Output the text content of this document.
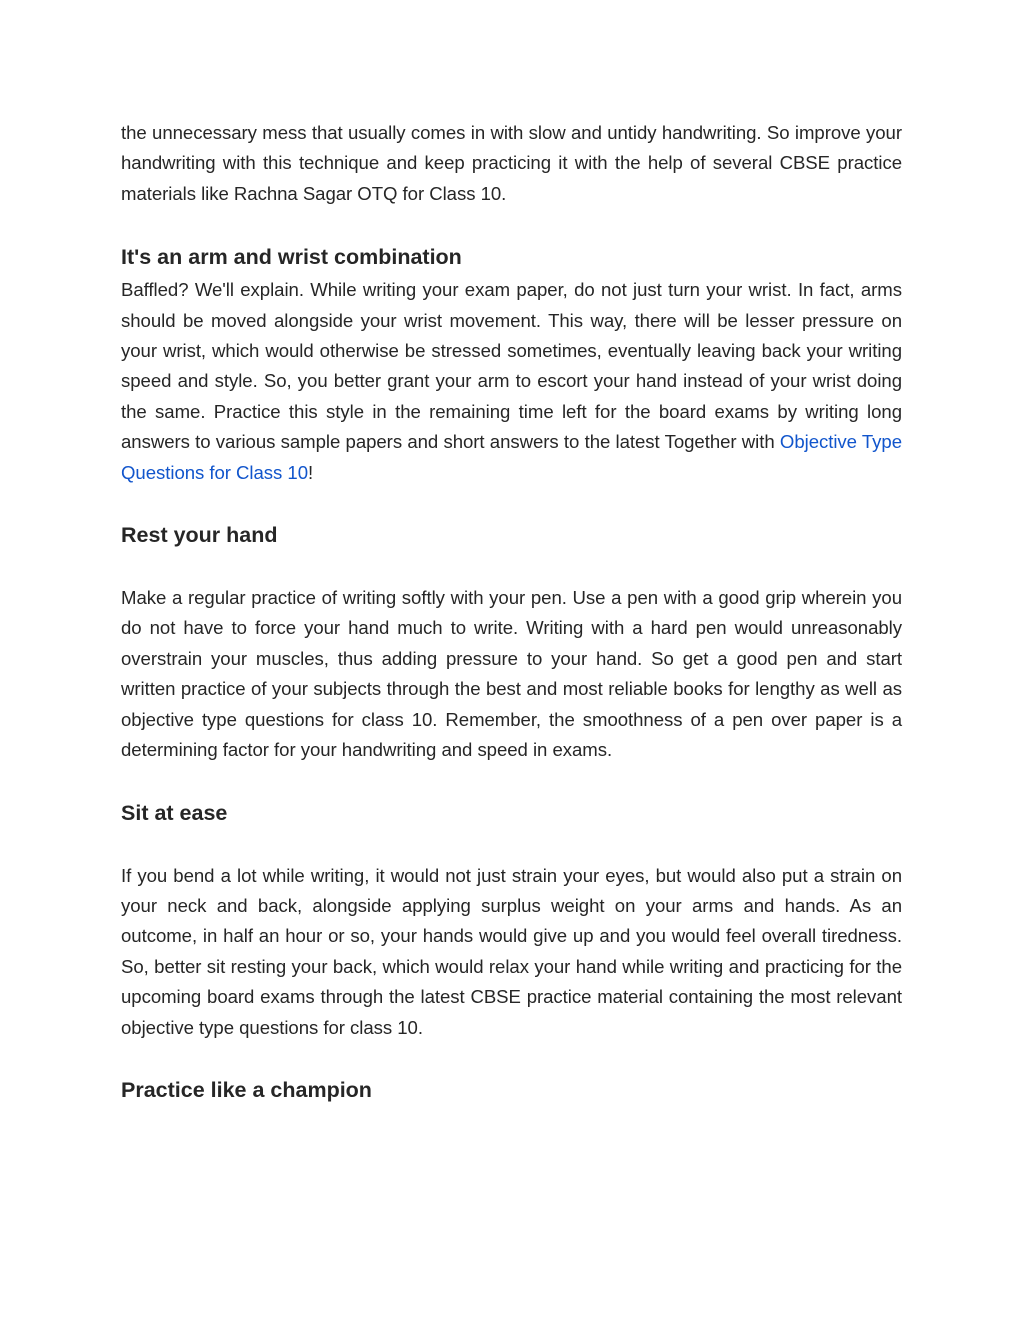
the unnecessary mess that usually comes in with slow and untidy handwriting. So improve your handwriting with this technique and keep practicing it with the help of several CBSE practice materials like Rachna Sagar OTQ for Class 10.

It's an arm and wrist combination

Baffled? We'll explain. While writing your exam paper, do not just turn your wrist. In fact, arms should be moved alongside your wrist movement. This way, there will be lesser pressure on your wrist, which would otherwise be stressed sometimes, eventually leaving back your writing speed and style. So, you better grant your arm to escort your hand instead of your wrist doing the same. Practice this style in the remaining time left for the board exams by writing long answers to various sample papers and short answers to the latest Together with Objective Type Questions for Class 10!

Rest your hand

Make a regular practice of writing softly with your pen. Use a pen with a good grip wherein you do not have to force your hand much to write. Writing with a hard pen would unreasonably overstrain your muscles, thus adding pressure to your hand. So get a good pen and start written practice of your subjects through the best and most reliable books for lengthy as well as objective type questions for class 10. Remember, the smoothness of a pen over paper is a determining factor for your handwriting and speed in exams.

Sit at ease

If you bend a lot while writing, it would not just strain your eyes, but would also put a strain on your neck and back, alongside applying surplus weight on your arms and hands. As an outcome, in half an hour or so, your hands would give up and you would feel overall tiredness. So, better sit resting your back, which would relax your hand while writing and practicing for the upcoming board exams through the latest CBSE practice material containing the most relevant objective type questions for class 10.

Practice like a champion
